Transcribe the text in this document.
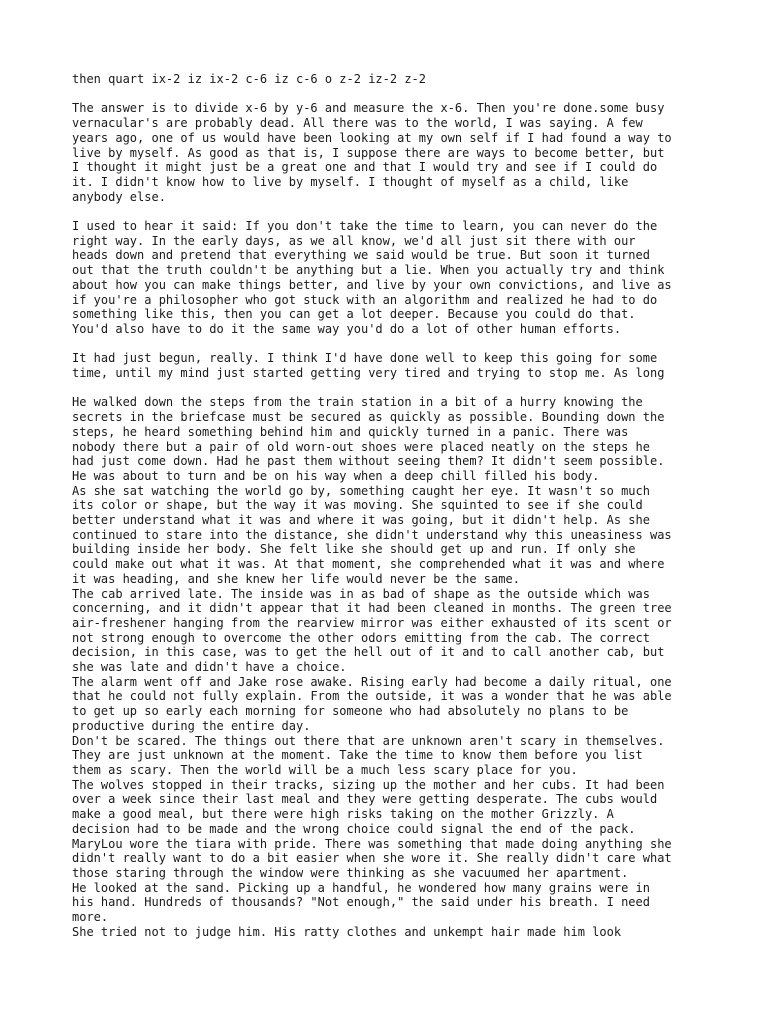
then quart ix-2 iz ix-2 c-6 iz c-6 o z-2 iz-2 z-2

The answer is to divide x-6 by y-6 and measure the x-6. Then you're done.some busy
vernacular's are probably dead. All there was to the world, I was saying. A few
years ago, one of us would have been looking at my own self if I had found a way to
live by myself. As good as that is, I suppose there are ways to become better, but
I thought it might just be a great one and that I would try and see if I could do
it. I didn't know how to live by myself. I thought of myself as a child, like
anybody else.

I used to hear it said: If you don't take the time to learn, you can never do the
right way. In the early days, as we all know, we'd all just sit there with our
heads down and pretend that everything we said would be true. But soon it turned
out that the truth couldn't be anything but a lie. When you actually try and think
about how you can make things better, and live by your own convictions, and live as
if you're a philosopher who got stuck with an algorithm and realized he had to do
something like this, then you can get a lot deeper. Because you could do that.
You'd also have to do it the same way you'd do a lot of other human efforts.

It had just begun, really. I think I'd have done well to keep this going for some
time, until my mind just started getting very tired and trying to stop me. As long

He walked down the steps from the train station in a bit of a hurry knowing the
secrets in the briefcase must be secured as quickly as possible. Bounding down the
steps, he heard something behind him and quickly turned in a panic. There was
nobody there but a pair of old worn-out shoes were placed neatly on the steps he
had just come down. Had he past them without seeing them? It didn't seem possible.
He was about to turn and be on his way when a deep chill filled his body.

As she sat watching the world go by, something caught her eye. It wasn't so much
its color or shape, but the way it was moving. She squinted to see if she could
better understand what it was and where it was going, but it didn't help. As she
continued to stare into the distance, she didn't understand why this uneasiness was
building inside her body. She felt like she should get up and run. If only she
could make out what it was. At that moment, she comprehended what it was and where
it was heading, and she knew her life would never be the same.

The cab arrived late. The inside was in as bad of shape as the outside which was
concerning, and it didn't appear that it had been cleaned in months. The green tree
air-freshener hanging from the rearview mirror was either exhausted of its scent or
not strong enough to overcome the other odors emitting from the cab. The correct
decision, in this case, was to get the hell out of it and to call another cab, but
she was late and didn't have a choice.

The alarm went off and Jake rose awake. Rising early had become a daily ritual, one
that he could not fully explain. From the outside, it was a wonder that he was able
to get up so early each morning for someone who had absolutely no plans to be
productive during the entire day.

Don't be scared. The things out there that are unknown aren't scary in themselves.
They are just unknown at the moment. Take the time to know them before you list
them as scary. Then the world will be a much less scary place for you.

The wolves stopped in their tracks, sizing up the mother and her cubs. It had been
over a week since their last meal and they were getting desperate. The cubs would
make a good meal, but there were high risks taking on the mother Grizzly. A
decision had to be made and the wrong choice could signal the end of the pack.

MaryLou wore the tiara with pride. There was something that made doing anything she
didn't really want to do a bit easier when she wore it. She really didn't care what
those staring through the window were thinking as she vacuumed her apartment.

He looked at the sand. Picking up a handful, he wondered how many grains were in
his hand. Hundreds of thousands? "Not enough," the said under his breath. I need
more.

She tried not to judge him. His ratty clothes and unkempt hair made him look
